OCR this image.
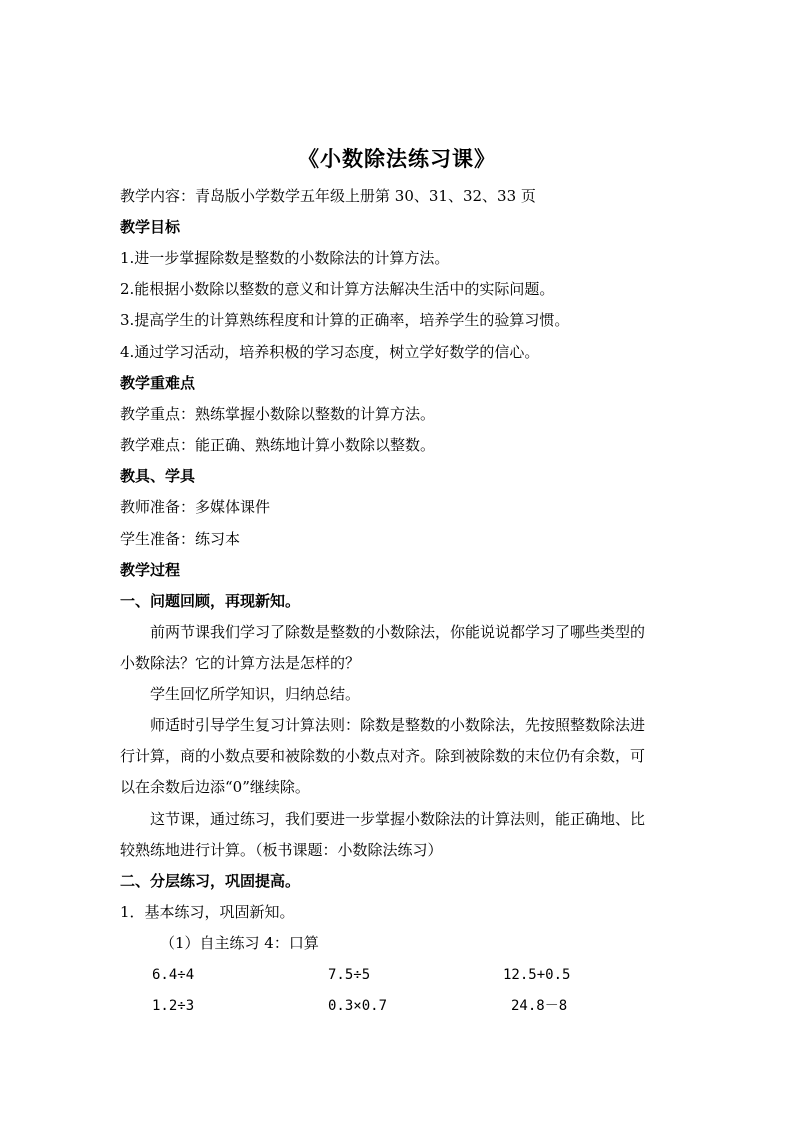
《小数除法练习课》
教学内容：青岛版小学数学五年级上册第 30、31、32、33 页
教学目标
1.进一步掌握除数是整数的小数除法的计算方法。
2.能根据小数除以整数的意义和计算方法解决生活中的实际问题。
3.提高学生的计算熟练程度和计算的正确率，培养学生的验算习惯。
4.通过学习活动，培养积极的学习态度，树立学好数学的信心。
教学重难点
教学重点：熟练掌握小数除以整数的计算方法。
教学难点：能正确、熟练地计算小数除以整数。
教具、学具
教师准备：多媒体课件
学生准备：练习本
教学过程
一、问题回顾，再现新知。
前两节课我们学习了除数是整数的小数除法，你能说说都学习了哪些类型的
小数除法？它的计算方法是怎样的？
学生回忆所学知识，归纳总结。
师适时引导学生复习计算法则：除数是整数的小数除法，先按照整数除法进
行计算，商的小数点要和被除数的小数点对齐。除到被除数的末位仍有余数，可
以在余数后边添“0”继续除。
这节课，通过练习，我们要进一步掌握小数除法的计算法则，能正确地、比
较熟练地进行计算。（板书课题：小数除法练习）
二、分层练习，巩固提高。
1．基本练习，巩固新知。
（1）自主练习 4：口算
6.4÷4	7.5÷5	12.5+0.5
1.2÷3	0.3×0.7	24.8－8
